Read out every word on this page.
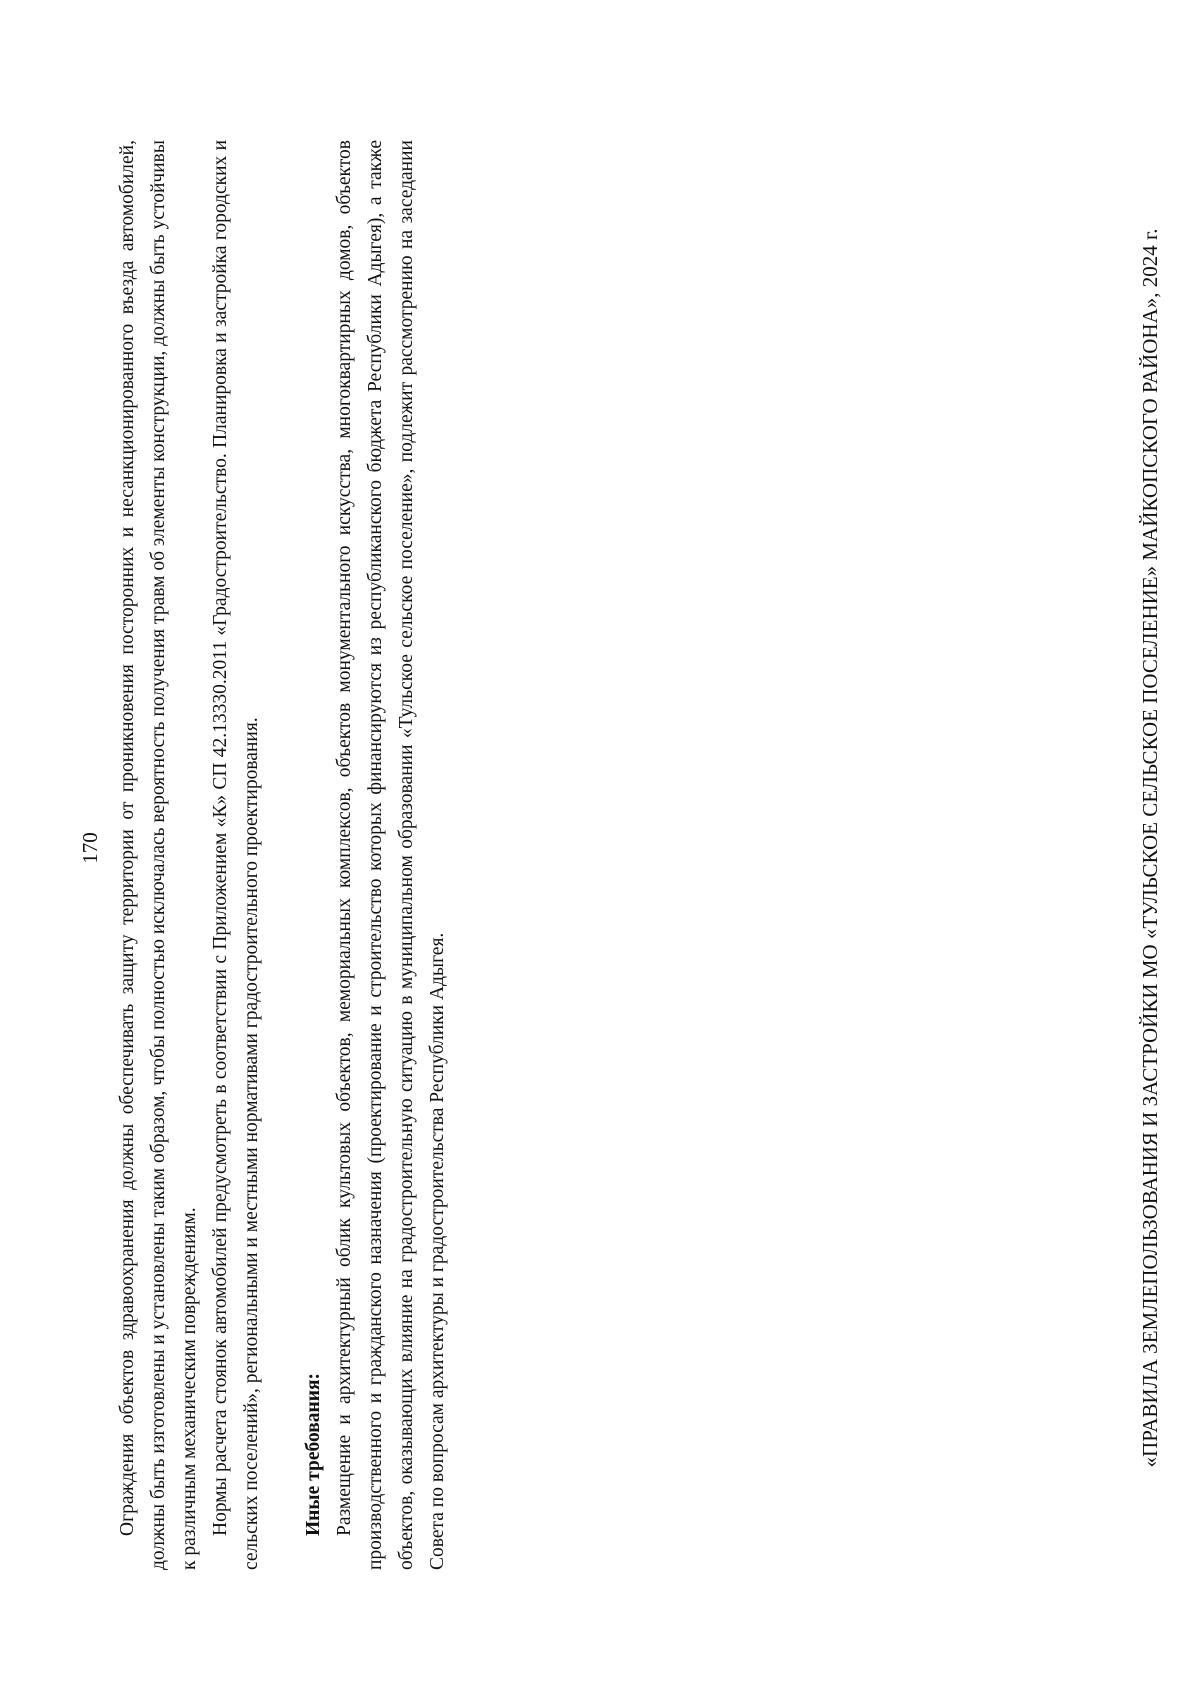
170 Ограждения объектов здравоохранения должны обеспечивать защиту территории от проникновения посторонних и несанкционированного въезда автомобилей, должны быть изготовлены и установлены таким образом, чтобы полностью исключалась вероятность получения травм об элементы конструкции, должны быть устойчивы к различным механическим повреждениям. Нормы расчета стоянок автомобилей предусмотреть в соответствии с Приложением «К» СП 42.13330.2011 «Градостроительство. Планировка и застройка городских и сельских поселений», региональными и местными нормативами градостроительного проектирования. Иные требования: Размещение и архитектурный облик культовых объектов, мемориальных комплексов, объектов монументального искусства, многоквартирных домов, объектов производственного и гражданского назначения (проектирование и строительство которых финансируются из республиканского бюджета Республики Адыгея), а также объектов, оказывающих влияние на градостроительную ситуацию в муниципальном образовании «Тульское сельское поселение», подлежит рассмотрению на заседании Совета по вопросам архитектуры и градостроительства Республики Адыгея.	«ПРАВИЛА ЗЕМЛЕПОЛЬЗОВАНИЯ И ЗАСТРОЙКИ МО «ТУЛЬСКОЕ СЕЛЬСКОЕ ПОСЕЛЕНИЕ» МАЙКОПСКОГО РАЙОНА», 2024 г.
